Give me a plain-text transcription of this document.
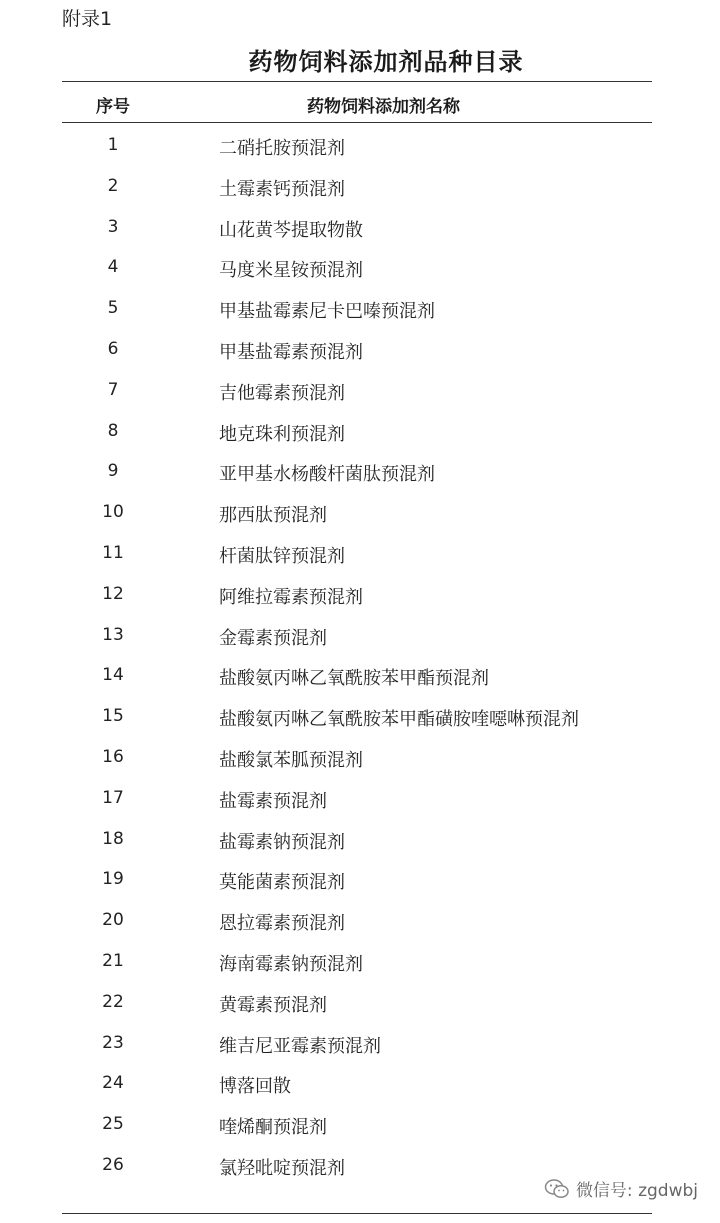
附录1
药物饲料添加剂品种目录
序号	药物饲料添加剂名称
1	二硝托胺预混剂
2	土霉素钙预混剂
3	山花黄芩提取物散
4	马度米星铵预混剂
5	甲基盐霉素尼卡巴嗪预混剂
6	甲基盐霉素预混剂
7	吉他霉素预混剂
8	地克珠利预混剂
9	亚甲基水杨酸杆菌肽预混剂
10	那西肽预混剂
11	杆菌肽锌预混剂
12	阿维拉霉素预混剂
13	金霉素预混剂
14	盐酸氨丙啉乙氧酰胺苯甲酯预混剂
15	盐酸氨丙啉乙氧酰胺苯甲酯磺胺喹噁啉预混剂
16	盐酸氯苯胍预混剂
17	盐霉素预混剂
18	盐霉素钠预混剂
19	莫能菌素预混剂
20	恩拉霉素预混剂
21	海南霉素钠预混剂
22	黄霉素预混剂
23	维吉尼亚霉素预混剂
24	博落回散
25	喹烯酮预混剂
26	氯羟吡啶预混剂
微信号: zgdwbj
